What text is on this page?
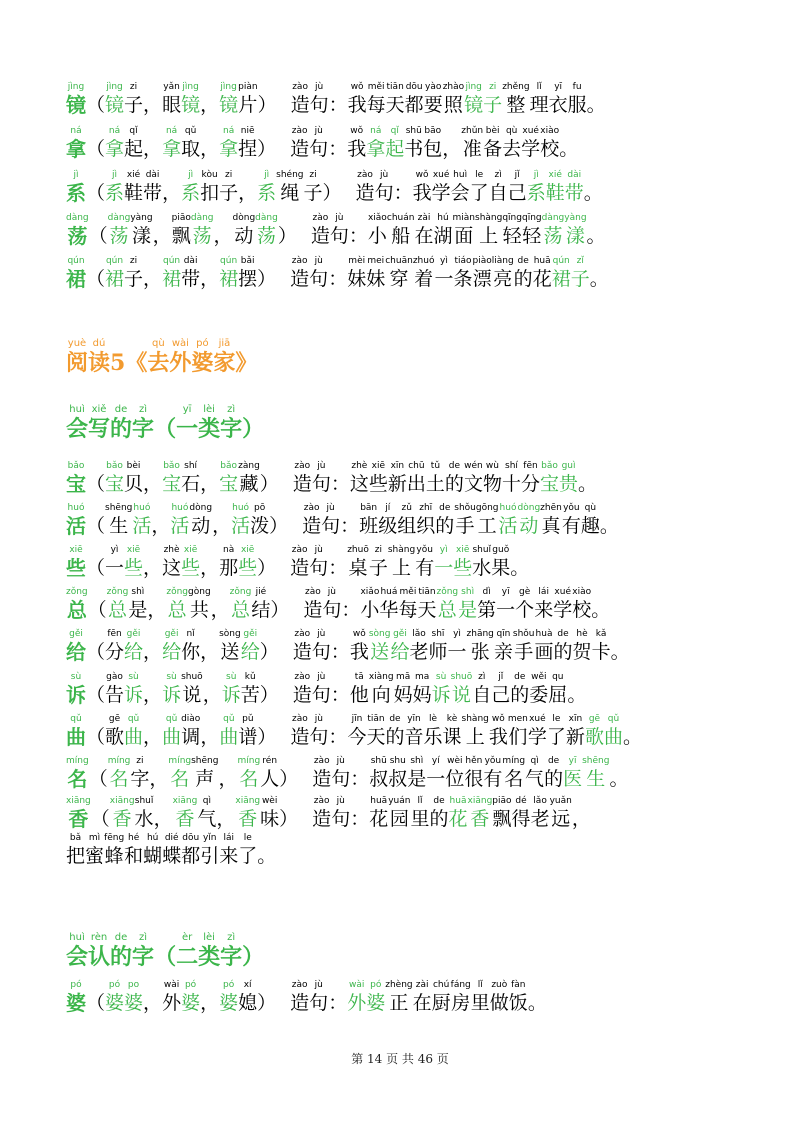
jìng
镜 （
jìng
镜
zi
子 ，
yǎn
眼
jìng
镜 ，
jìng
镜
piàn
片 ）
zào
造
jù
句 ：
wǒ
我
měi
每
tiān
天
dōu
都
yào
要
zhào
照
jìng
镜
zi
子
zhěng
整
lǐ
理
yī
衣
fu
服 。
ná
拿 （
ná
拿
qǐ
起 ，
ná
拿
qǔ
取 ，
ná
拿
niē
捏 ）
zào
造
jù
句 ：
wǒ
我
ná
拿
qǐ
起
shū
书
bāo
包 ，
zhǔn
准
bèi
备
qù
去
xué
学
xiào
校 。
jì
系 （
jì
系
xié
鞋
dài
带 ，
jì
系
kòu
扣
zi
子 ，
jì
系
shéng
绳
zi
子 ）
zào
造
jù
句 ：
wǒ
我
xué
学
huì
会
le
了
zì
自
jǐ
己
jì
系
xié
鞋
dài
带 。
dàng
荡 （
dàng
荡
yàng
漾 ，
piāo
飘
dàng
荡 ，
dòng
动
dàng
荡 ）
zào
造
jù
句 ：
xiǎo
小
chuán
船
zài
在
hú
湖
miàn
面
shàng
上
qīng
轻
qīng
轻
dàng
荡
yàng
漾 。
qún
裙 （
qún
裙
zi
子 ，
qún
裙
dài
带 ，
qún
裙
bǎi
摆 ）
zào
造
jù
句 ：
mèi
妹
mei
妹
chuān
穿
zhuó
着
yì
一
tiáo
条
piào
漂
liàng
亮
de
的
huā
花
qún
裙
zǐ
子 。
yuè
阅
dú
读 5 《
qù
去
wài
外
pó
婆
jiā
家 》
huì
会
xiě
写
de
的
zì
字 （
yī
一
lèi
类
zì
字 ）
bǎo
宝 （
bǎo
宝
bèi
贝 ，
bǎo
宝
shí
石 ，
bǎo
宝
zàng
藏 ）
zào
造
jù
句 ：
zhè
这
xiē
些
xīn
新
chū
出
tǔ
土
de
的
wén
文
wù
物
shí
十
fēn
分
bǎo
宝
guì
贵 。
huó
活 （
shēng
生
huó
活 ，
huó
活
dòng
动 ，
huó
活
pō
泼 ）
zào
造
jù
句 ：
bān
班
jí
级
zǔ
组
zhī
织
de
的
shǒu
手
gōng
工
huó
活
dòng
动
zhēn
真
yǒu
有
qù
趣 。
xiē
些 （
yì
一
xiē
些 ，
zhè
这
xiē
些 ，
nà
那
xiē
些 ）
zào
造
jù
句 ：
zhuō
桌
zi
子
shàng
上
yǒu
有
yì
一
xiē
些
shuǐ
水
guǒ
果 。
zǒng
总 （
zǒng
总
shì
是 ，
zǒng
总
gòng
共 ，
zǒng
总
jié
结 ）
zào
造
jù
句 ：
xiǎo
小
huá
华
měi
每
tiān
天
zǒng
总
shì
是
dì
第
yī
一
gè
个
lái
来
xué
学
xiào
校 。
gěi
给 （
fēn
分
gěi
给 ，
gěi
给
nǐ
你 ，
sòng
送
gěi
给 ）
zào
造
jù
句 ：
wǒ
我
sòng
送
gěi
给
lǎo
老
shī
师
yì
一
zhāng
张
qīn
亲
shǒu
手
huà
画
de
的
hè
贺
kǎ
卡 。
sù
诉 （
gào
告
sù
诉 ，
sù
诉
shuō
说 ，
sù
诉
kǔ
苦 ）
zào
造
jù
句 ：
tā
他
xiàng
向
mā
妈
ma
妈
sù
诉
shuō
说
zì
自
jǐ
己
de
的
wěi
委
qu
屈 。
qǔ
曲 （
gē
歌
qǔ
曲 ，
qǔ
曲
diào
调 ，
qǔ
曲
pǔ
谱 ）
zào
造
jù
句 ：
jīn
今
tiān
天
de
的
yīn
音
lè
乐
kè
课
shàng
上
wǒ
我
men
们
xué
学
le
了
xīn
新
gē
歌
qǔ
曲 。
míng
名 （
míng
名
zi
字 ，
míng
名
shēng
声 ，
míng
名
rén
人 ）
zào
造
jù
句 ：
shū
叔
shu
叔
shì
是
yí
一
wèi
位
hěn
很
yǒu
有
míng
名
qì
气
de
的
yī
医
shēng
生 。
xiāng
香 （
xiāng
香
shuǐ
水 ，
xiāng
香
qì
气 ，
xiāng
香
wèi
味 ）
zào
造
jù
句 ：
huā
花
yuán
园
lǐ
里
de
的
huā
花
xiāng
香
piāo
飘
dé
得
lǎo
老
yuǎn
远 ，
bǎ
把
mì
蜜
fēng
蜂
hé
和
hú
蝴
dié
蝶
dōu
都
yǐn
引
lái
来
le
了 。
huì
会
rèn
认
de
的
zì
字 （
èr
二
lèi
类
zì
字 ）
pó
婆 （
pó
婆
po
婆 ，
wài
外
pó
婆 ，
pó
婆
xí
媳 ）
zào
造
jù
句 ：
wài
外
pó
婆
zhèng
正
zài
在
chú
厨
fáng
房
lǐ
里
zuò
做
fàn
饭 。
第 14 页 共 46 页
